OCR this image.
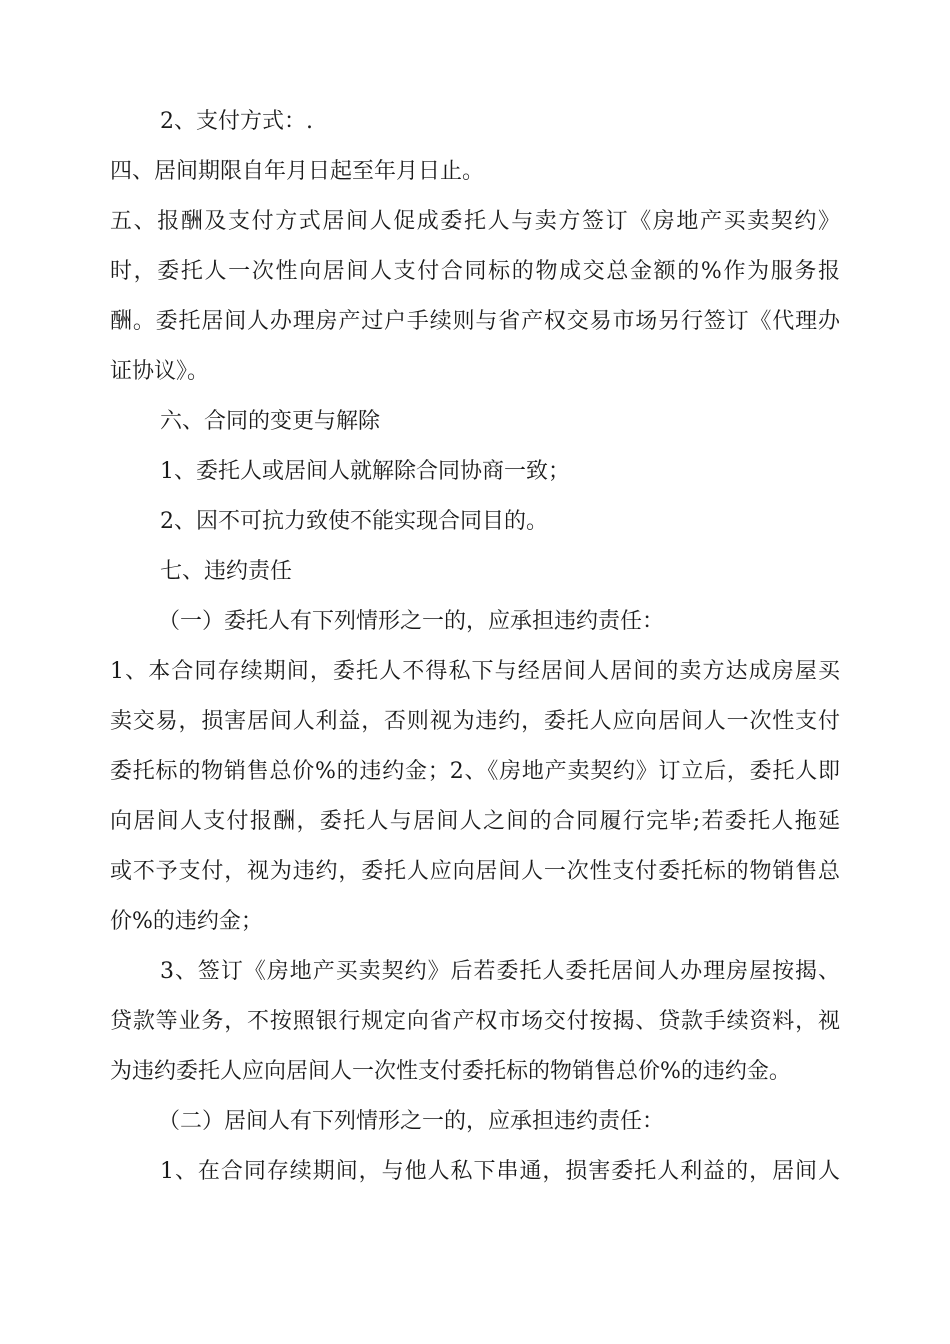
2、支付方式：.
四、居间期限自年月日起至年月日止。
五、报酬及支付方式居间人促成委托人与卖方签订《房地产买卖契约》
时，委托人一次性向居间人支付合同标的物成交总金额的%作为服务报
酬。委托居间人办理房产过户手续则与省产权交易市场另行签订《代理办
证协议》。
六、合同的变更与解除
1、委托人或居间人就解除合同协商一致；
2、因不可抗力致使不能实现合同目的。
七、违约责任
（一）委托人有下列情形之一的，应承担违约责任：
1、本合同存续期间，委托人不得私下与经居间人居间的卖方达成房屋买
卖交易，损害居间人利益，否则视为违约，委托人应向居间人一次性支付
委托标的物销售总价%的违约金；2、《房地产卖契约》订立后，委托人即
向居间人支付报酬，委托人与居间人之间的合同履行完毕;若委托人拖延
或不予支付，视为违约，委托人应向居间人一次性支付委托标的物销售总
价%的违约金；
3、签订《房地产买卖契约》后若委托人委托居间人办理房屋按揭、
贷款等业务，不按照银行规定向省产权市场交付按揭、贷款手续资料，视
为违约委托人应向居间人一次性支付委托标的物销售总价%的违约金。
（二）居间人有下列情形之一的，应承担违约责任：
1、在合同存续期间，与他人私下串通，损害委托人利益的，居间人
